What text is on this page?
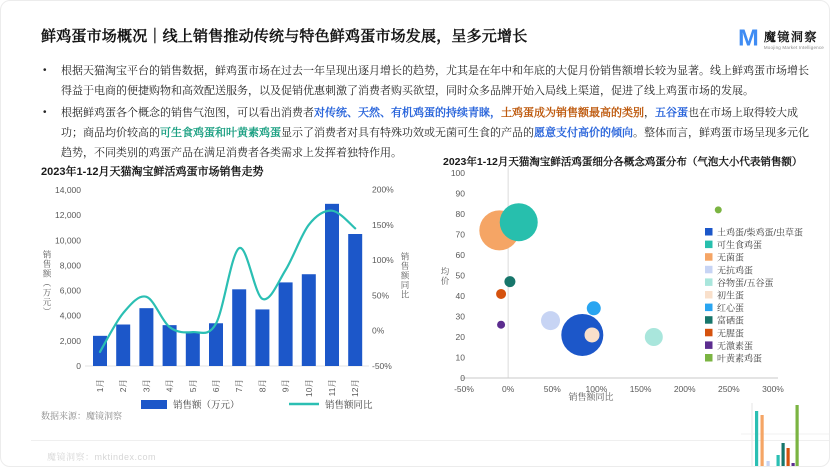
鲜鸡蛋市场概况｜线上销售推动传统与特色鲜鸡蛋市场发展，呈多元增长	M 魔镜洞察
Moojing Market Intelligence
• 根据天猫淘宝平台的销售数据，鲜鸡蛋市场在过去一年呈现出逐月增长的趋势，尤其是在年中和年底的大促月份销售额增长较为显著。线上鲜鸡蛋市场增长得益于电商的便捷购物和高效配送服务，以及促销优惠刺激了消费者购买欲望，同时众多品牌开始入局线上渠道，促进了线上鸡蛋市场的发展。
• 根据鲜鸡蛋各个概念的销售气泡图，可以看出消费者对传统、天然、有机鸡蛋的持续青睐，土鸡蛋成为销售额最高的类别，五谷蛋也在市场上取得较大成功；商品均价较高的可生食鸡蛋和叶黄素鸡蛋显示了消费者对具有特殊功效或无菌可生食的产品的愿意支付高价的倾向。整体而言，鲜鸡蛋市场呈现多元化趋势，不同类别的鸡蛋产品在满足消费者各类需求上发挥着独特作用。
2023年1-12月天猫淘宝鲜活鸡蛋市场销售走势
2023年1-12月天猫淘宝鲜活鸡蛋细分各概念鸡蛋分布（气泡大小代表销售额）
0
2,000
4,000
6,000
8,000
10,000
12,000
14,000
-50%
0%
50%
100%
150%
200%
1月 2月 3月 4月 5月 6月 7月 8月 9月 10月 11月 12月
销售额（万元）	销售额同比
0
10
20
30
40
50
60
70
80
90
100
-50%	0%	50%	100%	150%	200%	250%	300%
土鸡蛋/柴鸡蛋/虫草蛋
可生食鸡蛋
无菌蛋
无抗鸡蛋
谷物蛋/五谷蛋
初生蛋
红心蛋
富硒蛋
无腥蛋
无激素蛋
叶黄素鸡蛋
销售额（万元）	销售额同比	均价
销售额同比
数据来源：魔镜洞察
魔镜洞察：mktindex.com
